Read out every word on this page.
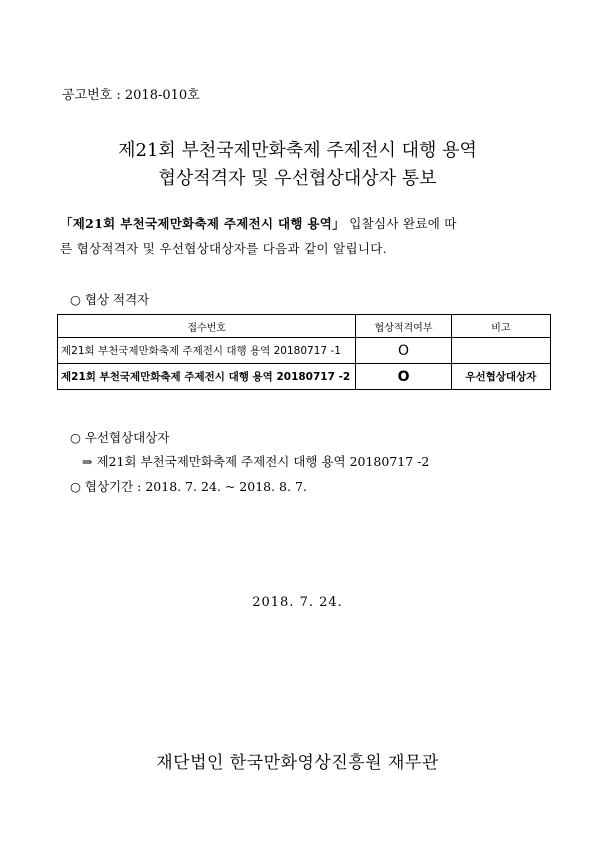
공고번호 : 2018-010호
제21회 부천국제만화축제 주제전시 대행 용역
협상적격자 및 우선협상대상자 통보
「제21회 부천국제만화축제 주제전시 대행 용역」 입찰심사 완료에 따
른 협상적격자 및 우선협상대상자를 다음과 같이 알립니다.
○ 협상 적격자
접수번호	협상적격여부	비고
제21회 부천국제만화축제 주제전시 대행 용역 20180717 -1	O	
제21회 부천국제만화축제 주제전시 대행 용역 20180717 -2	O	우선협상대상자
○ 우선협상대상자
⇒ 제21회 부천국제만화축제 주제전시 대행 용역 20180717 -2
○ 협상기간 : 2018. 7. 24. ~ 2018. 8. 7.
2018. 7. 24.
재단법인 한국만화영상진흥원 재무관
